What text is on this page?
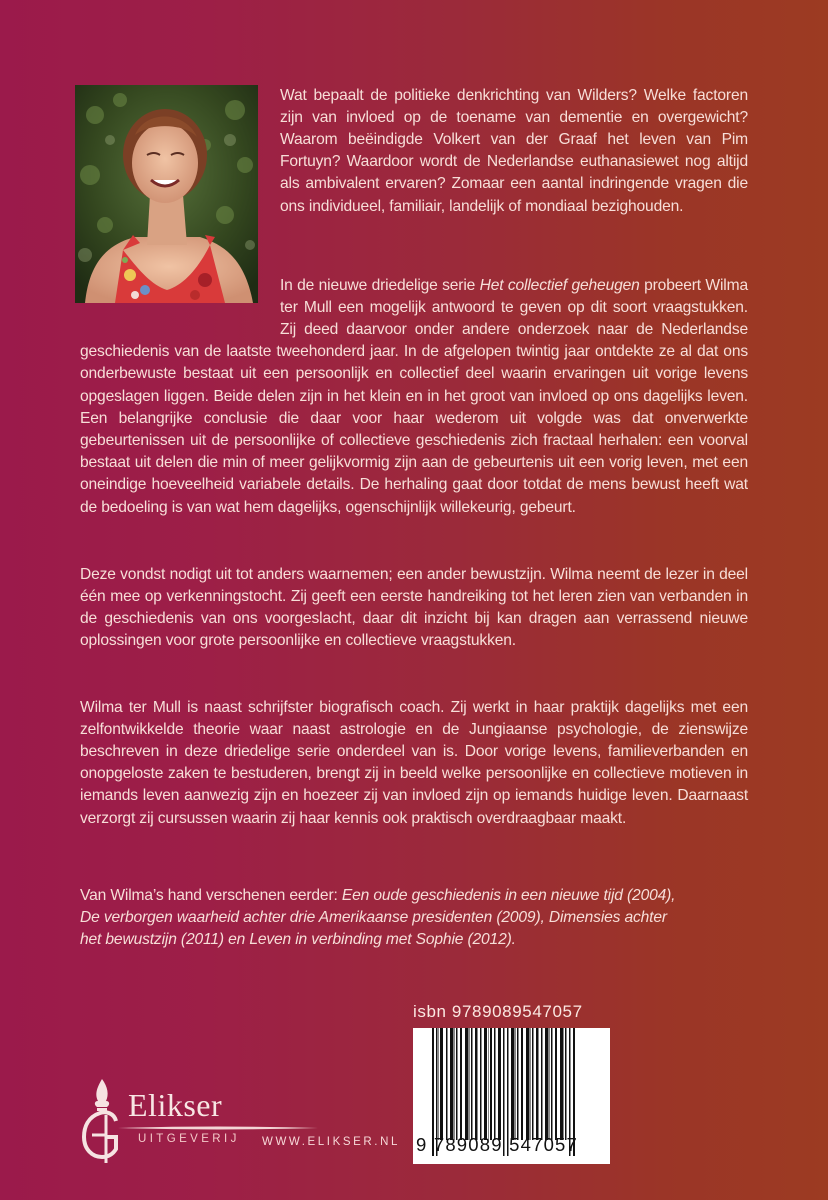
Wat bepaalt de politieke denkrichting van Wilders? Welke factoren zijn van invloed op de toename van dementie en overgewicht? Waarom beëindigde Volkert van der Graaf het leven van Pim Fortuyn? Waardoor wordt de Nederlandse euthanasiewet nog altijd als ambivalent ervaren? Zomaar een aantal indringende vragen die ons individueel, familiair, landelijk of mondiaal bezighouden.

In de nieuwe driedelige serie Het collectief geheugen probeert Wilma ter Mull een mogelijk antwoord te geven op dit soort vraagstukken. Zij deed daarvoor onder andere onderzoek naar de Nederlandse geschiedenis van de laatste tweehonderd jaar. In de afgelopen twintig jaar ontdekte ze al dat ons onderbewuste bestaat uit een persoonlijk en collectief deel waarin ervaringen uit vorige levens opgeslagen liggen. Beide delen zijn in het klein en in het groot van invloed op ons dagelijks leven. Een belangrijke conclusie die daar voor haar wederom uit volgde was dat onverwerkte gebeurtenissen uit de persoonlijke of collectieve geschiedenis zich fractaal herhalen: een voorval bestaat uit delen die min of meer gelijkvormig zijn aan de gebeurtenis uit een vorig leven, met een oneindige hoeveelheid variabele details. De herhaling gaat door totdat de mens bewust heeft wat de bedoeling is van wat hem dagelijks, ogenschijnlijk willekeurig, gebeurt.

Deze vondst nodigt uit tot anders waarnemen; een ander bewustzijn. Wilma neemt de lezer in deel één mee op verkenningstocht. Zij geeft een eerste handreiking tot het leren zien van verbanden in de geschiedenis van ons voorgeslacht, daar dit inzicht bij kan dragen aan verrassend nieuwe oplossingen voor grote persoonlijke en collectieve vraagstukken.

Wilma ter Mull is naast schrijfster biografisch coach. Zij werkt in haar praktijk dagelijks met een zelfontwikkelde theorie waar naast astrologie en de Jungiaanse psychologie, de zienswijze beschreven in deze driedelige serie onderdeel van is. Door vorige levens, familieverbanden en onopgeloste zaken te bestuderen, brengt zij in beeld welke persoonlijke en collectieve motieven in iemands leven aanwezig zijn en hoezeer zij van invloed zijn op iemands huidige leven. Daarnaast verzorgt zij cursussen waarin zij haar kennis ook praktisch overdraagbaar maakt.

Van Wilma’s hand verschenen eerder: Een oude geschiedenis in een nieuwe tijd (2004),
De verborgen waarheid achter drie Amerikaanse presidenten (2009), Dimensies achter
het bewustzijn (2011) en Leven in verbinding met Sophie (2012).

isbn 9789089547057
9 789089 547057
Elikser
UITGEVERIJ WWW.ELIKSER.NL
